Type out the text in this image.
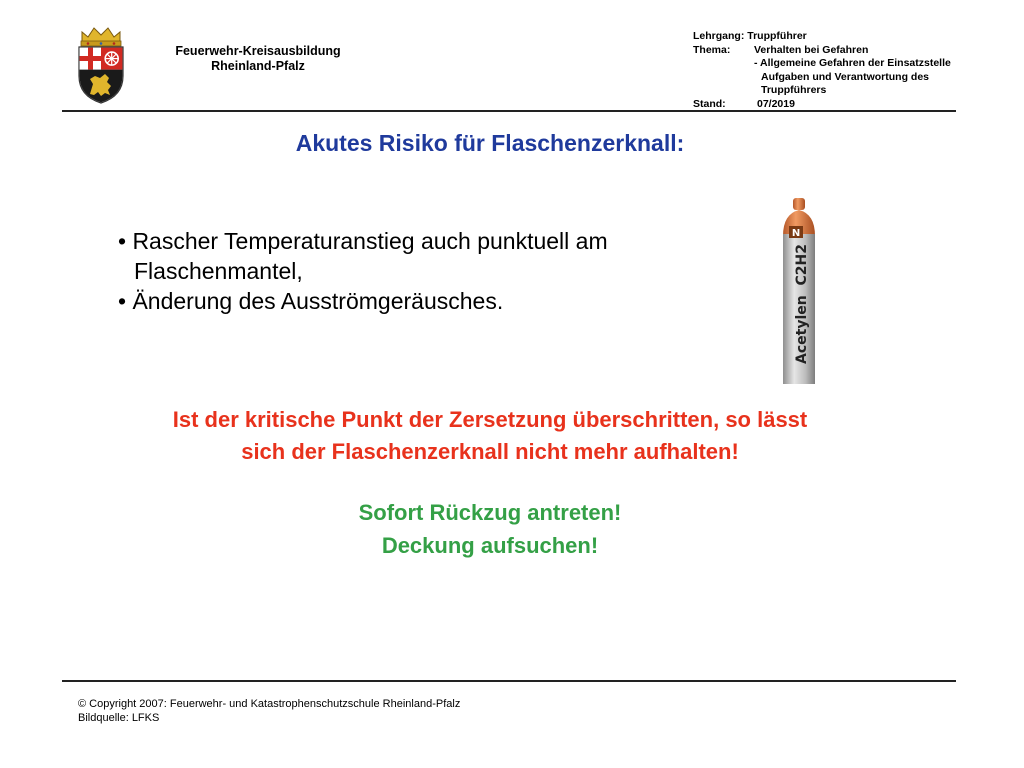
Feuerwehr-Kreisausbildung
Rheinland-Pfalz
Lehrgang: Truppführer
Thema: Verhalten bei Gefahren
- Allgemeine Gefahren der Einsatzstelle
Aufgaben und Verantwortung des
Truppführers
Stand:	07/2019
Akutes Risiko für Flaschenzerknall:
• Rascher Temperaturanstieg auch punktuell am
Flaschenmantel,
• Änderung des Ausströmgeräusches.
N
Acetylen  C2H2
Ist der kritische Punkt der Zersetzung überschritten, so lässt
sich der Flaschenzerknall nicht mehr aufhalten!
Sofort Rückzug antreten!
Deckung aufsuchen!
© Copyright 2007: Feuerwehr- und Katastrophenschutzschule Rheinland-Pfalz
Bildquelle: LFKS
